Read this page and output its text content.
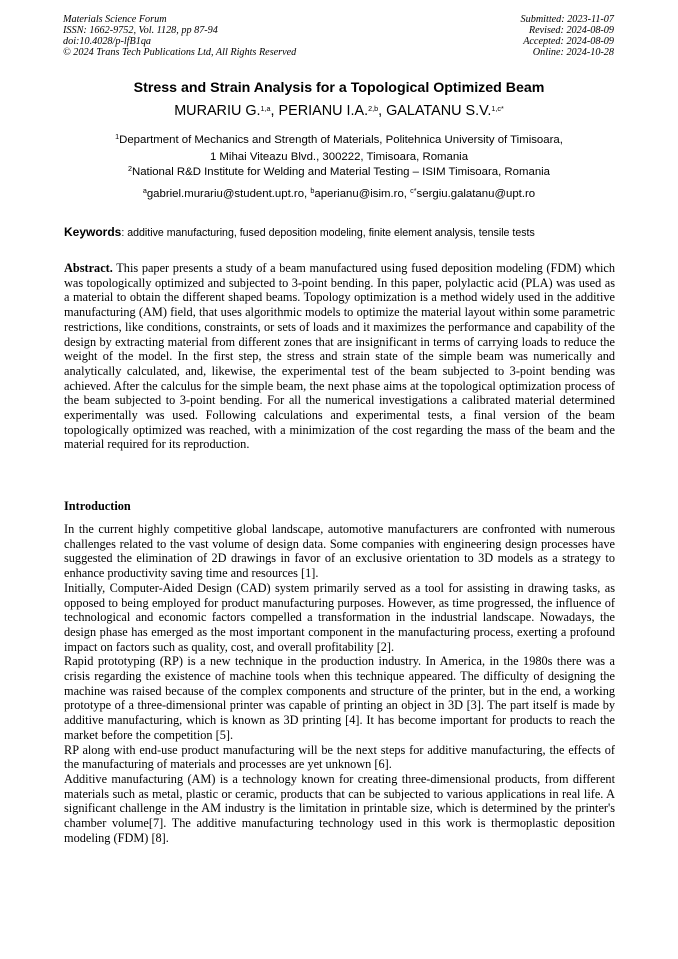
Materials Science Forum
ISSN: 1662-9752, Vol. 1128, pp 87-94
doi:10.4028/p-lfB1qa
© 2024 Trans Tech Publications Ltd, All Rights Reserved
Submitted: 2023-11-07
Revised: 2024-08-09
Accepted: 2024-08-09
Online: 2024-10-28
Stress and Strain Analysis for a Topological Optimized Beam
MURARIU G.$^{1,a}$, PERIANU I.A.$^{2,b}$, GALATANU S.V.$^{1,c*}$
$^1$Department of Mechanics and Strength of Materials, Politehnica University of Timisoara,
1 Mihai Viteazu Blvd., 300222, Timisoara, Romania
$^2$National R&D Institute for Welding and Material Testing – ISIM Timisoara, Romania
$^a$gabriel.murariu@student.upt.ro, $^b$aperianu@isim.ro, $^{c*}$sergiu.galatanu@upt.ro
Keywords: additive manufacturing, fused deposition modeling, finite element analysis, tensile tests

Abstract. This paper presents a study of a beam manufactured using fused deposition modeling (FDM) which was topologically optimized and subjected to 3-point bending. In this paper, polylactic acid (PLA) was used as a material to obtain the different shaped beams. Topology optimization is a method widely used in the additive manufacturing (AM) field, that uses algorithmic models to optimize the material layout within some parametric restrictions, like conditions, constraints, or sets of loads and it maximizes the performance and capability of the design by extracting material from different zones that are insignificant in terms of carrying loads to reduce the weight of the model. In the first step, the stress and strain state of the simple beam was numerically and analytically calculated, and, likewise, the experimental test of the beam subjected to 3-point bending was achieved. After the calculus for the simple beam, the next phase aims at the topological optimization process of the beam subjected to 3-point bending. For all the numerical investigations a calibrated material determined experimentally was used. Following calculations and experimental tests, a final version of the beam topologically optimized was reached, with a minimization of the cost regarding the mass of the beam and the material required for its reproduction.

Introduction

In the current highly competitive global landscape, automotive manufacturers are confronted with numerous challenges related to the vast volume of design data. Some companies with engineering design processes have suggested the elimination of 2D drawings in favor of an exclusive orientation to 3D models as a strategy to enhance productivity saving time and resources [1].

Initially, Computer-Aided Design (CAD) system primarily served as a tool for assisting in drawing tasks, as opposed to being employed for product manufacturing purposes. However, as time progressed, the influence of technological and economic factors compelled a transformation in the industrial landscape. Nowadays, the design phase has emerged as the most important component in the manufacturing process, exerting a profound impact on factors such as quality, cost, and overall profitability [2].

Rapid prototyping (RP) is a new technique in the production industry. In America, in the 1980s there was a crisis regarding the existence of machine tools when this technique appeared. The difficulty of designing the machine was raised because of the complex components and structure of the printer, but in the end, a working prototype of a three-dimensional printer was capable of printing an object in 3D [3]. The part itself is made by additive manufacturing, which is known as 3D printing [4]. It has become important for products to reach the market before the competition [5].

RP along with end-use product manufacturing will be the next steps for additive manufacturing, the effects of the manufacturing of materials and processes are yet unknown [6].

Additive manufacturing (AM) is a technology known for creating three-dimensional products, from different materials such as metal, plastic or ceramic, products that can be subjected to various applications in real life. A significant challenge in the AM industry is the limitation in printable size, which is determined by the printer's chamber volume[7]. The additive manufacturing technology used in this work is thermoplastic deposition modeling (FDM) [8].
